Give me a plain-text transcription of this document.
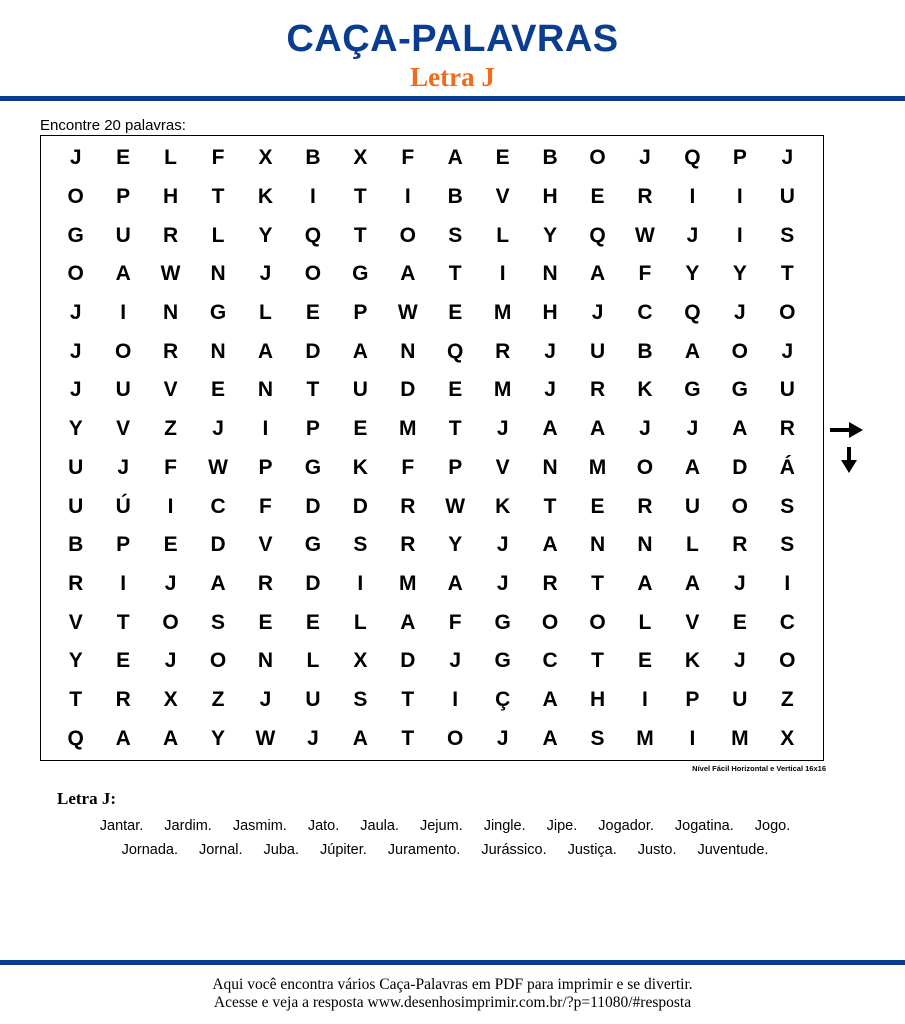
CAÇA-PALAVRAS
Letra J
Encontre 20 palavras:
J	E	L	F	X	B	X	F	A	E	B	O	J	Q	P	J
O	P	H	T	K	I	T	I	B	V	H	E	R	I	I	U
G	U	R	L	Y	Q	T	O	S	L	Y	Q	W	J	I	S
O	A	W	N	J	O	G	A	T	I	N	A	F	Y	Y	T
J	I	N	G	L	E	P	W	E	M	H	J	C	Q	J	O
J	O	R	N	A	D	A	N	Q	R	J	U	B	A	O	J
J	U	V	E	N	T	U	D	E	M	J	R	K	G	G	U
Y	V	Z	J	I	P	E	M	T	J	A	A	J	J	A	R
U	J	F	W	P	G	K	F	P	V	N	M	O	A	D	Á
U	Ú	I	C	F	D	D	R	W	K	T	E	R	U	O	S
B	P	E	D	V	G	S	R	Y	J	A	N	N	L	R	S
R	I	J	A	R	D	I	M	A	J	R	T	A	A	J	I
V	T	O	S	E	E	L	A	F	G	O	O	L	V	E	C
Y	E	J	O	N	L	X	D	J	G	C	T	E	K	J	O
T	R	X	Z	J	U	S	T	I	Ç	A	H	I	P	U	Z
Q	A	A	Y	W	J	A	T	O	J	A	S	M	I	M	X
Nível Fácil Horizontal e Vertical 16x16
Letra J:
Jantar. Jardim. Jasmim. Jato. Jaula. Jejum. Jingle. Jipe. Jogador. Jogatina. Jogo.
Jornada. Jornal. Juba. Júpiter. Juramento. Jurássico. Justiça. Justo. Juventude.
Aqui você encontra vários Caça-Palavras em PDF para imprimir e se divertir.
Acesse e veja a resposta www.desenhosimprimir.com.br/?p=11080/#resposta
